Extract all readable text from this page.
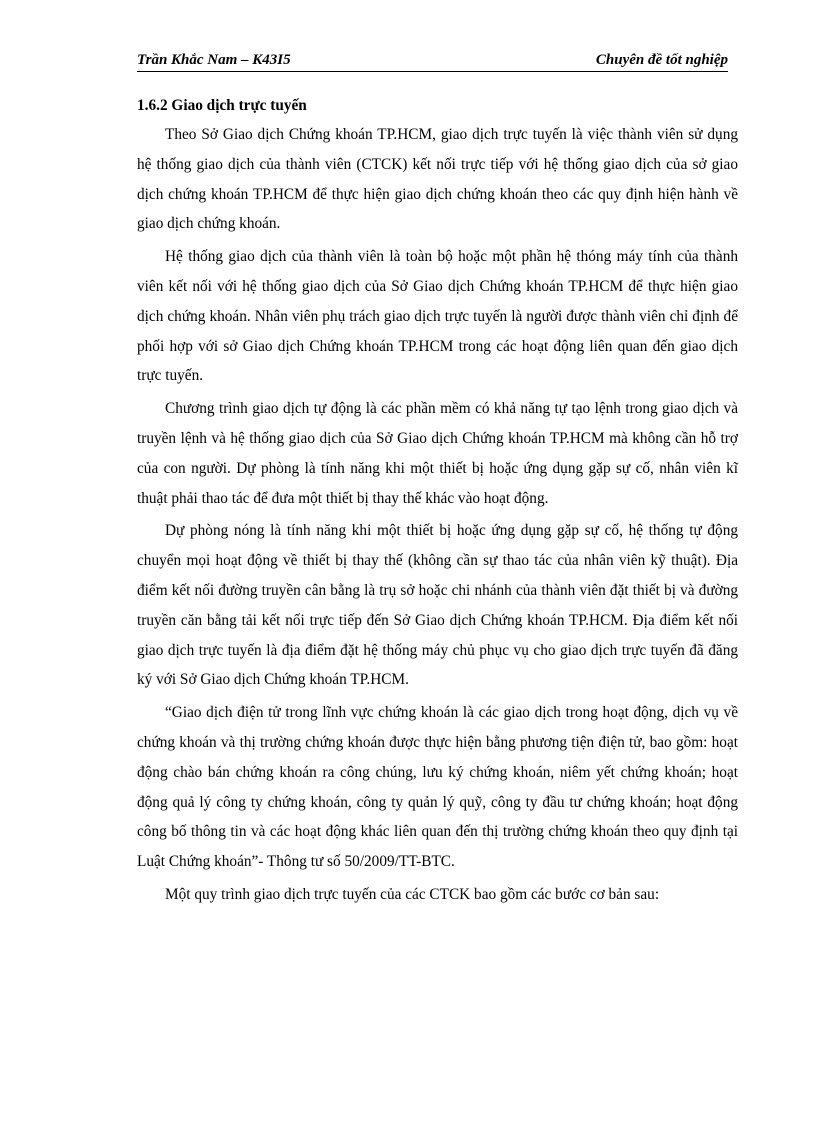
Trần Khắc Nam – K43I5	Chuyên đề tốt nghiệp

1.6.2 Giao dịch trực tuyến

Theo Sở Giao dịch Chứng khoán TP.HCM, giao dịch trực tuyến là việc thành viên sử dụng hệ thống giao dịch của thành viên (CTCK) kết nối trực tiếp với hệ thống giao dịch của sở giao dịch chứng khoán TP.HCM để thực hiện giao dịch chứng khoán theo các quy định hiện hành về giao dịch chứng khoán.

Hệ thống giao dịch của thành viên là toàn bộ hoặc một phần hệ thóng máy tính của thành viên kết nối với hệ thống giao dịch của Sở Giao dịch Chứng khoán TP.HCM để thực hiện giao dịch chứng khoán. Nhân viên phụ trách giao dịch trực tuyến là người được thành viên chỉ định để phối hợp với sở Giao dịch Chứng khoán TP.HCM trong các hoạt động liên quan đến giao dịch trực tuyến.

Chương trình giao dịch tự động là các phần mềm có khả năng tự tạo lệnh trong giao dịch và truyền lệnh và hệ thống giao dịch của Sở Giao dịch Chứng khoán TP.HCM mà không cần hỗ trợ của con người. Dự phòng là tính năng khi một thiết bị hoặc ứng dụng gặp sự cố, nhân viên kĩ thuật phải thao tác để đưa một thiết bị thay thế khác vào hoạt động.

Dự phòng nóng là tính năng khi một thiết bị hoặc ứng dụng gặp sự cố, hệ thống tự động chuyển mọi hoạt động về thiết bị thay thế (không cần sự thao tác của nhân viên kỹ thuật). Địa điểm kết nối đường truyền cân bằng là trụ sở hoặc chi nhánh của thành viên đặt thiết bị và đường truyền căn bằng tải kết nối trực tiếp đến Sở Giao dịch Chứng khoán TP.HCM. Địa điểm kết nối giao dịch trực tuyến là địa điểm đặt hệ thống máy chủ phục vụ cho giao dịch trực tuyến đã đăng ký với Sở Giao dịch Chứng khoán TP.HCM.

“Giao dịch điện tử trong lĩnh vực chứng khoán là các giao dịch trong hoạt động, dịch vụ về chứng khoán và thị trường chứng khoán được thực hiện bằng phương tiện điện tử, bao gồm: hoạt động chào bán chứng khoán ra công chúng, lưu ký chứng khoán, niêm yết chứng khoán; hoạt động quả lý công ty chứng khoán, công ty quản lý quỹ, công ty đầu tư chứng khoán; hoạt động công bố thông tin và các hoạt động khác liên quan đến thị trường chứng khoán theo quy định tại Luật Chứng khoán”- Thông tư số 50/2009/TT-BTC.

Một quy trình giao dịch trực tuyến của các CTCK bao gồm các bước cơ bản sau:
